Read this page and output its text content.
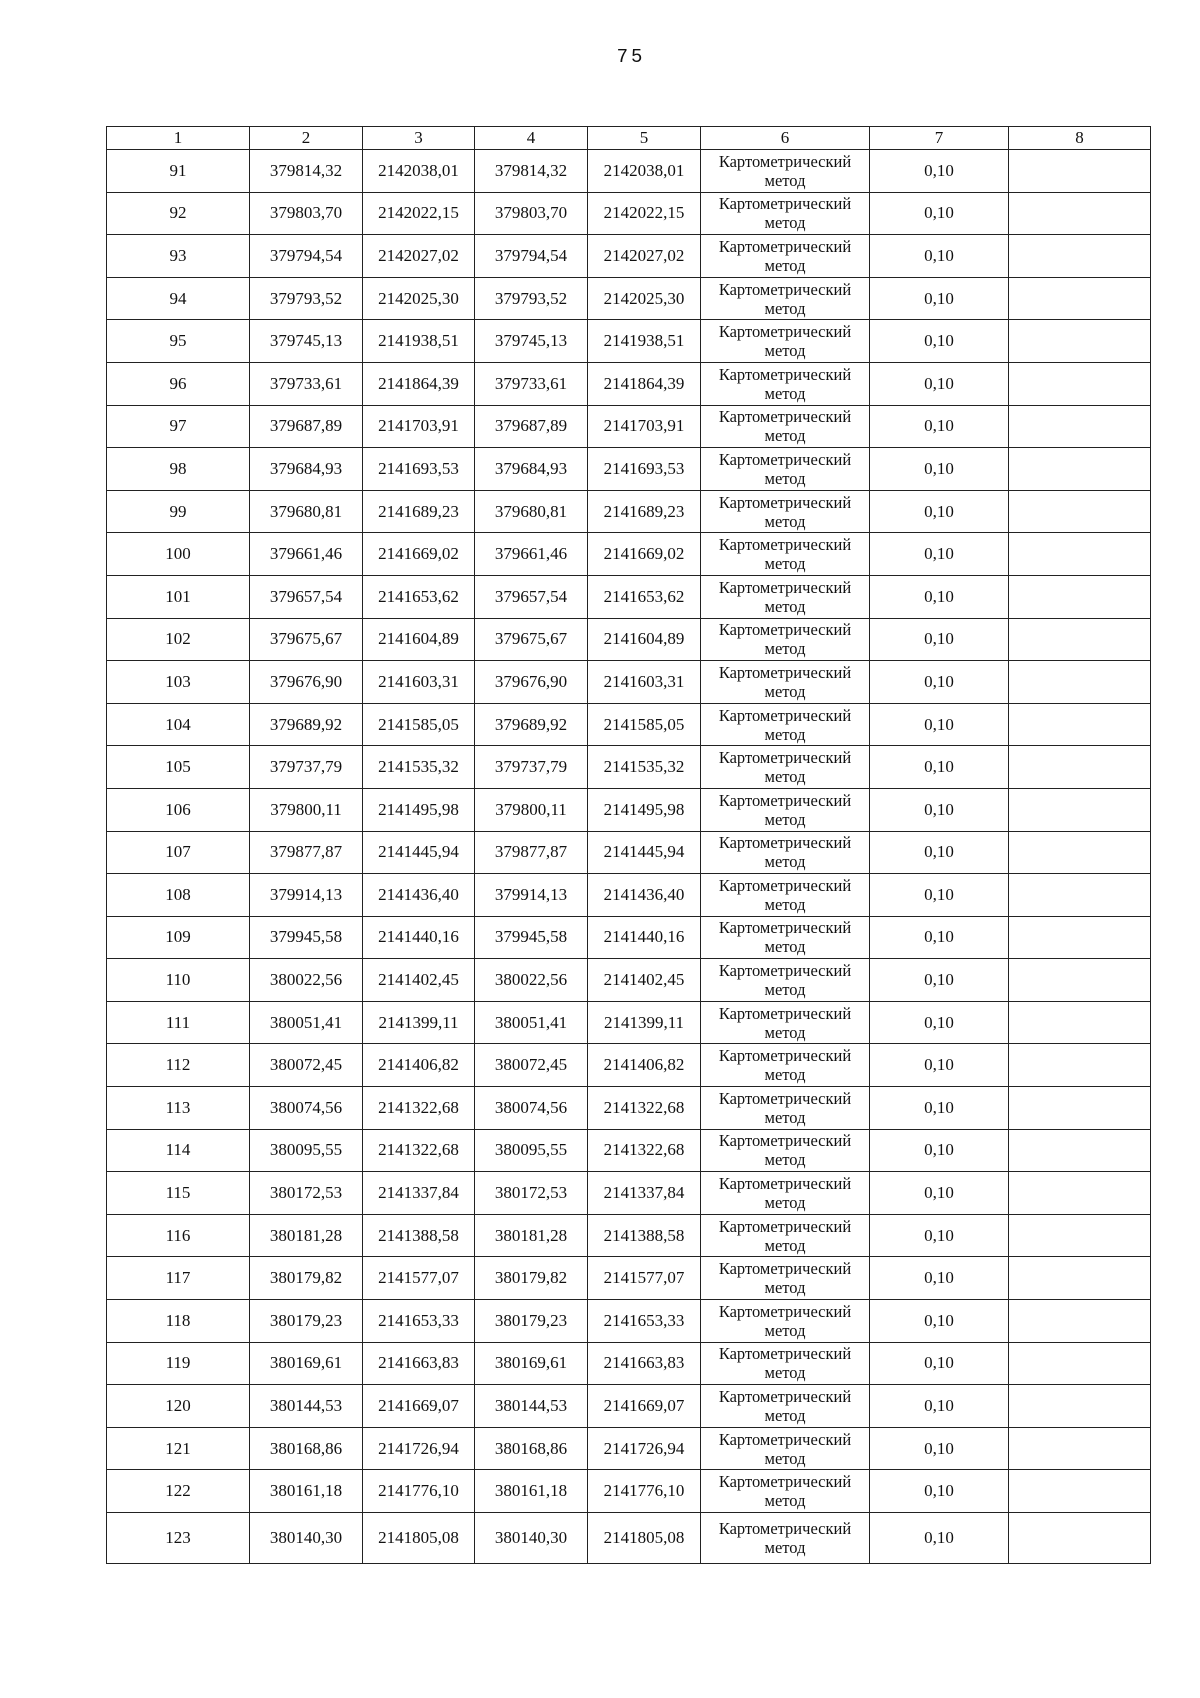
75
1	2	3	4	5	6	7	8
91	379814,32	2142038,01	379814,32	2142038,01	Картометрический метод	0,10	
92	379803,70	2142022,15	379803,70	2142022,15	Картометрический метод	0,10	
93	379794,54	2142027,02	379794,54	2142027,02	Картометрический метод	0,10	
94	379793,52	2142025,30	379793,52	2142025,30	Картометрический метод	0,10	
95	379745,13	2141938,51	379745,13	2141938,51	Картометрический метод	0,10	
96	379733,61	2141864,39	379733,61	2141864,39	Картометрический метод	0,10	
97	379687,89	2141703,91	379687,89	2141703,91	Картометрический метод	0,10	
98	379684,93	2141693,53	379684,93	2141693,53	Картометрический метод	0,10	
99	379680,81	2141689,23	379680,81	2141689,23	Картометрический метод	0,10	
100	379661,46	2141669,02	379661,46	2141669,02	Картометрический метод	0,10	
101	379657,54	2141653,62	379657,54	2141653,62	Картометрический метод	0,10	
102	379675,67	2141604,89	379675,67	2141604,89	Картометрический метод	0,10	
103	379676,90	2141603,31	379676,90	2141603,31	Картометрический метод	0,10	
104	379689,92	2141585,05	379689,92	2141585,05	Картометрический метод	0,10	
105	379737,79	2141535,32	379737,79	2141535,32	Картометрический метод	0,10	
106	379800,11	2141495,98	379800,11	2141495,98	Картометрический метод	0,10	
107	379877,87	2141445,94	379877,87	2141445,94	Картометрический метод	0,10	
108	379914,13	2141436,40	379914,13	2141436,40	Картометрический метод	0,10	
109	379945,58	2141440,16	379945,58	2141440,16	Картометрический метод	0,10	
110	380022,56	2141402,45	380022,56	2141402,45	Картометрический метод	0,10	
111	380051,41	2141399,11	380051,41	2141399,11	Картометрический метод	0,10	
112	380072,45	2141406,82	380072,45	2141406,82	Картометрический метод	0,10	
113	380074,56	2141322,68	380074,56	2141322,68	Картометрический метод	0,10	
114	380095,55	2141322,68	380095,55	2141322,68	Картометрический метод	0,10	
115	380172,53	2141337,84	380172,53	2141337,84	Картометрический метод	0,10	
116	380181,28	2141388,58	380181,28	2141388,58	Картометрический метод	0,10	
117	380179,82	2141577,07	380179,82	2141577,07	Картометрический метод	0,10	
118	380179,23	2141653,33	380179,23	2141653,33	Картометрический метод	0,10	
119	380169,61	2141663,83	380169,61	2141663,83	Картометрический метод	0,10	
120	380144,53	2141669,07	380144,53	2141669,07	Картометрический метод	0,10	
121	380168,86	2141726,94	380168,86	2141726,94	Картометрический метод	0,10	
122	380161,18	2141776,10	380161,18	2141776,10	Картометрический метод	0,10	
123	380140,30	2141805,08	380140,30	2141805,08	Картометрический метод	0,10	
